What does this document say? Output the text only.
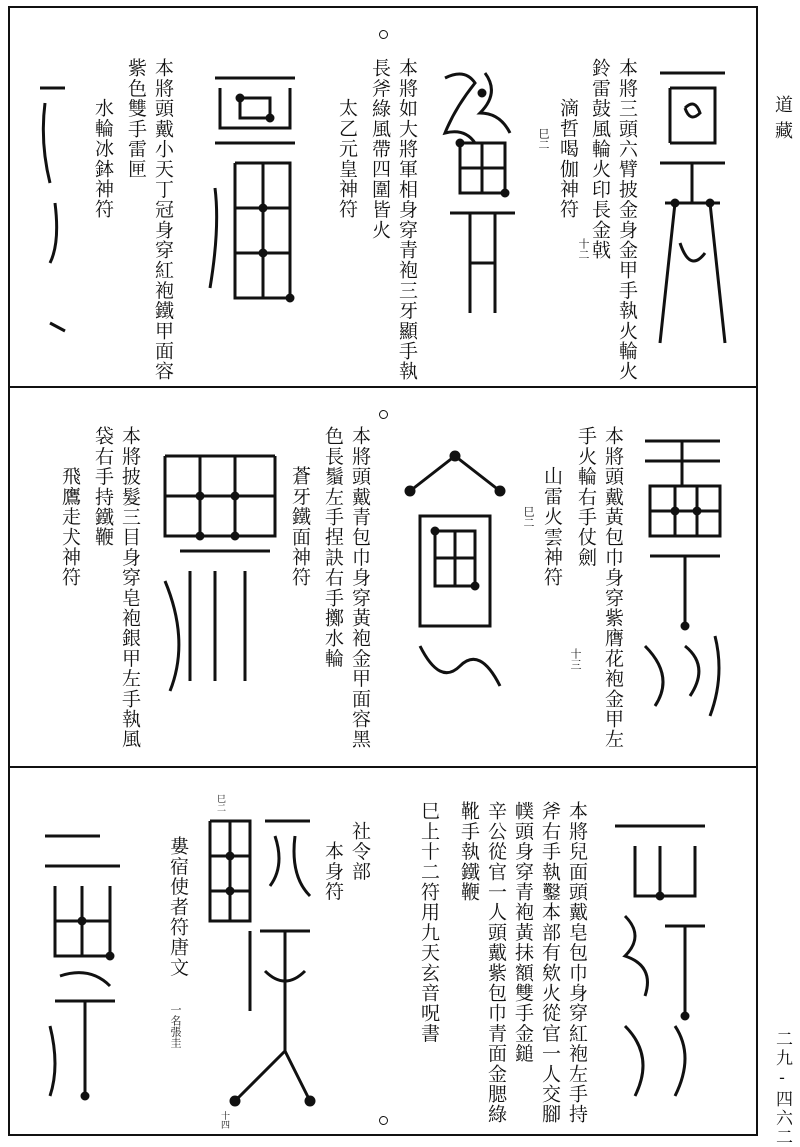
本將三頭六臂披金身金甲手執火輪火
鈴雷鼓風輪火印長金戟
滴哲喝伽神符
巳二
十二
本將如大將軍相身穿青袍三牙顯手執
長斧綠風帶四圍皆火
太乙元皇神符
本將頭戴小天丁冠身穿紅袍鐵甲面容
紫色雙手雷匣
水輪冰鉢神符
本將頭戴黃包巾身穿紫膺花袍金甲左
手火輪右手仗劍
山雷火雲神符
巳二
十三
本將頭戴青包巾身穿黃袍金甲面容黑
色長鬚左手捏訣右手擲水輪
蒼牙鐵面神符
本將披髮三目身穿皂袍銀甲左手執風
袋右手持鐵鞭
飛鷹走犬神符
本將兒面頭戴皂包巾身穿紅袍左手持
斧右手執鑿本部有欸火從官一人交腳
幞頭身穿青袍黃抹額雙手金鎚
辛公從官一人頭戴紫包巾青面金腮綠
靴手執鐵鞭
巳上十二符用九天玄音呪書
社令部
本身符
巳二
十四
婁宿使者符唐文
一名張圭
道藏
二九-四六二
